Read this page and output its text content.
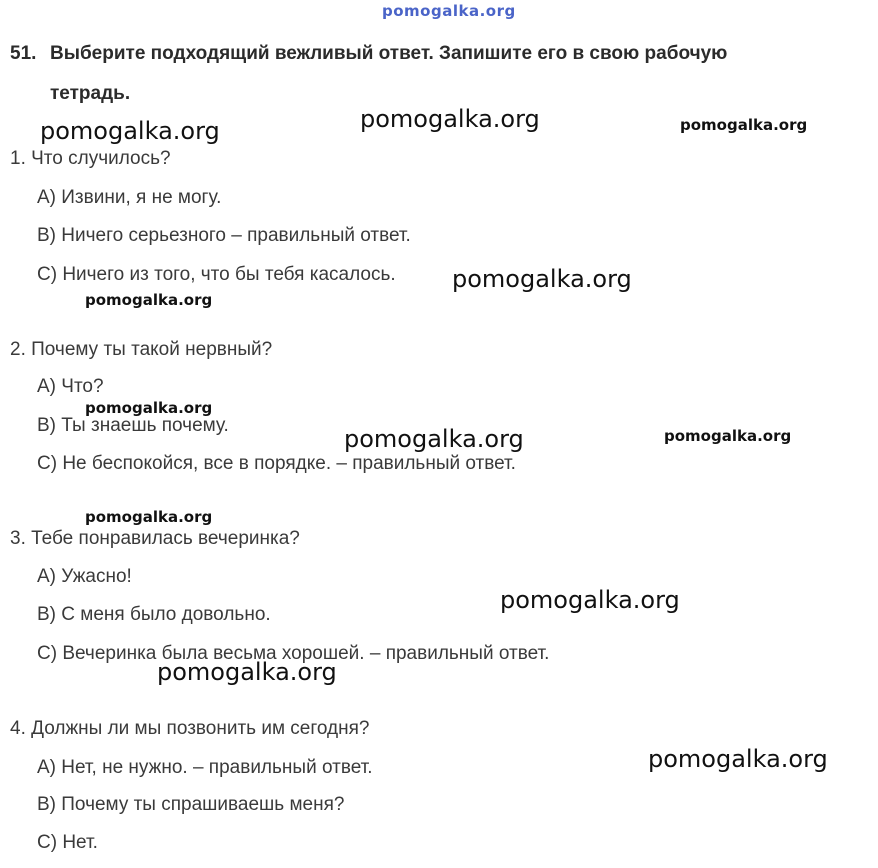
pomogalka.org
51. Выберите подходящий вежливый ответ. Запишите его в свою рабочую
тетрадь.
1. Что случилось?
A) Извини, я не могу.
B) Ничего серьезного – правильный ответ.
C) Ничего из того, что бы тебя касалось.
2. Почему ты такой нервный?
A) Что?
B) Ты знаешь почему.
C) Не беспокойся, все в порядке. – правильный ответ.
3. Тебе понравилась вечеринка?
A) Ужасно!
B) С меня было довольно.
C) Вечеринка была весьма хорошей. – правильный ответ.
4. Должны ли мы позвонить им сегодня?
A) Нет, не нужно. – правильный ответ.
B) Почему ты спрашиваешь меня?
C) Нет.
pomogalka.org	pomogalka.org	pomogalka.org
pomogalka.org
pomogalka.org
pomogalka.org
pomogalka.org	pomogalka.org
pomogalka.org
pomogalka.org
pomogalka.org
pomogalka.org
